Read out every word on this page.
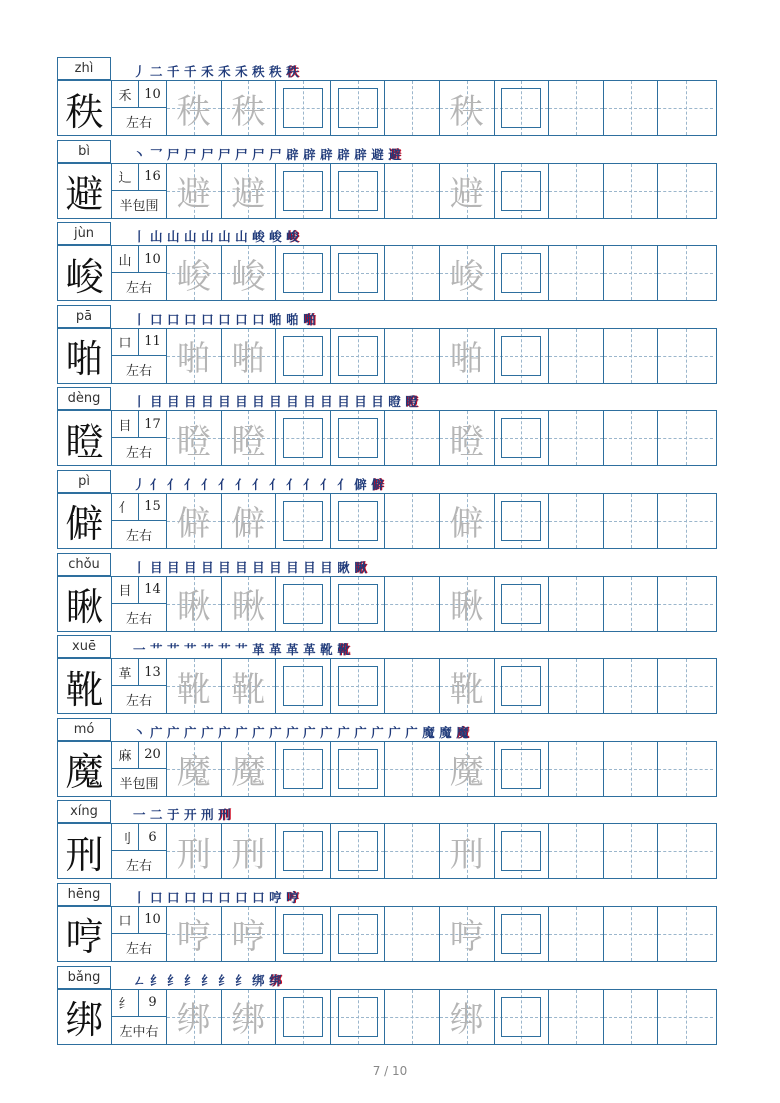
zhì	丿 二 千 千 禾 禾 禾 秩 秩 秩
秩	禾 10
左右 秩 秩	秩
bì	丶 乛 尸 尸 尸 尸 尸 尸 尸 辟 辟 辟 辟 辟 避 避
避	辶 16
半包围 避 避	避
jùn	丨 山 山 山 山 山 山 峻 峻 峻
峻	山 10
左右 峻 峻	峻
pā	丨 口 口 口 口 口 口 口 啪 啪 啪
啪	口 11
左右 啪 啪	啪
dèng	丨 目 目 目 目 目 目 目 目 目 目 目 目 目 目 瞪 瞪
瞪	目 17
左右 瞪 瞪	瞪
pì	丿 亻 亻 亻 亻 亻 亻 亻 亻 亻 亻 亻 亻 僻 僻
僻	亻 15
左右 僻 僻	僻
chǒu	丨 目 目 目 目 目 目 目 目 目 目 目 瞅 瞅
瞅	目 14
左右 瞅 瞅	瞅
xuē	一 艹 艹 艹 艹 艹 艹 革 革 革 革 靴 靴
靴	革 13
左右 靴 靴	靴
mó	丶 广 广 广 广 广 广 广 广 广 广 广 广 广 广 广 广 魔 魔 魔
魔	麻 20
半包围 魔 魔	魔
xíng	一 二 于 开 刑 刑
刑	刂	6
左右 刑 刑	刑
hēng	丨 口 口 口 口 口 口 口 哼 哼
哼	口 10
左右 哼 哼	哼
bǎng	ㄥ 纟 纟 纟 纟 纟 纟 绑 绑
绑	纟	9
左中右 绑 绑	绑
7 / 10
